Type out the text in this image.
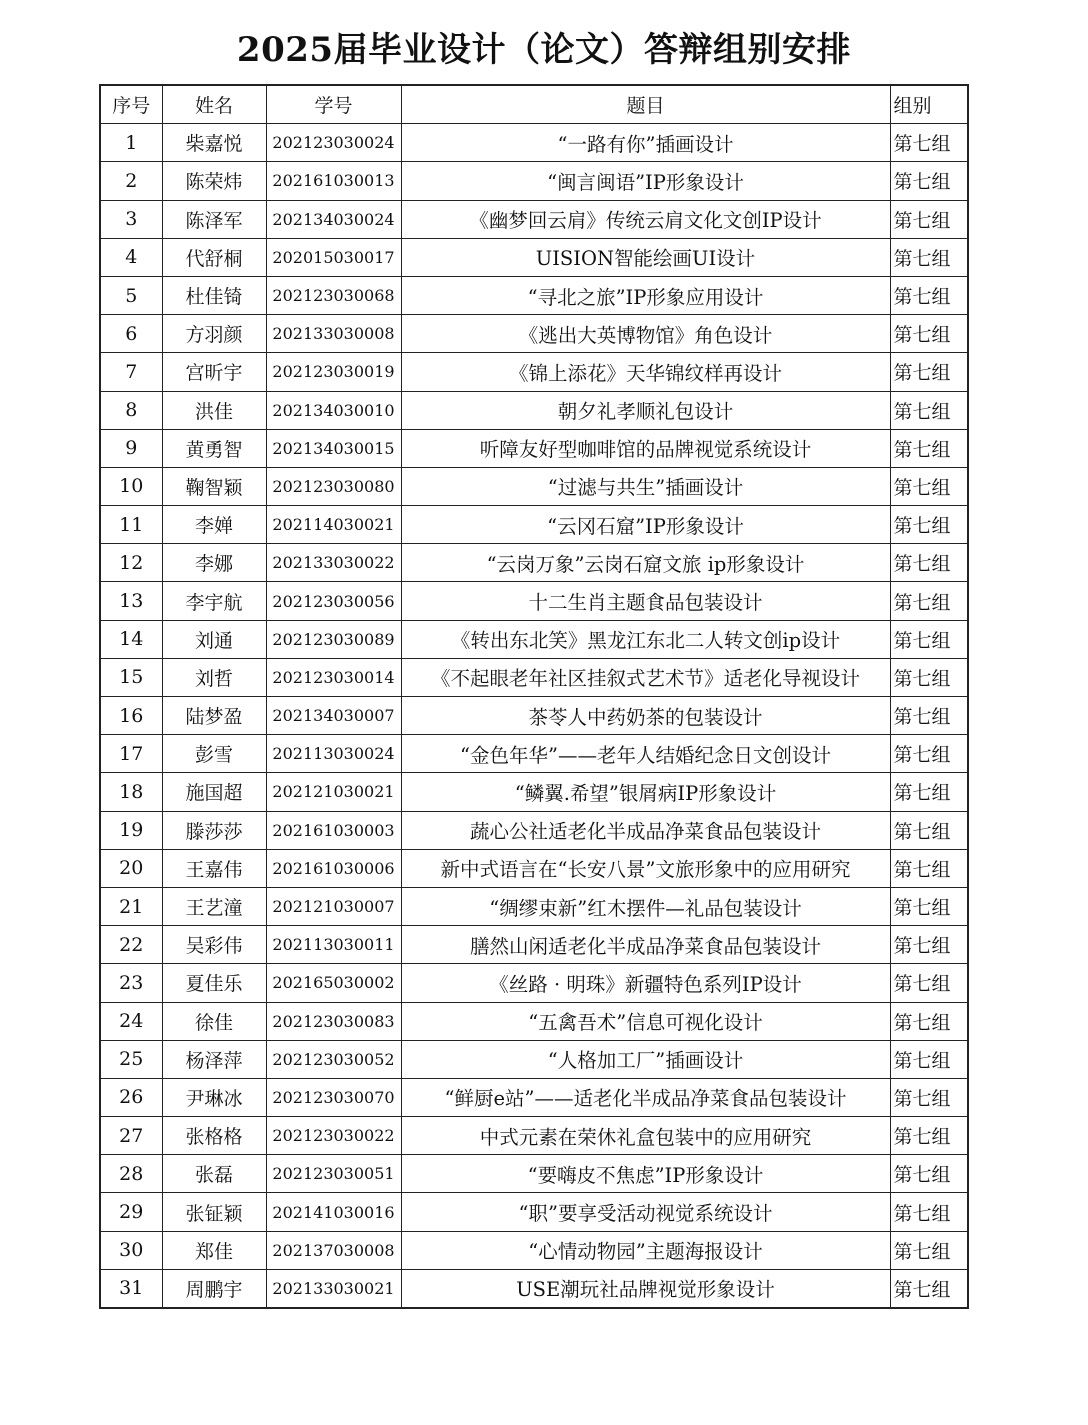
2025届毕业设计（论文）答辩组别安排
序号	姓名	学号	题目	组别
1	柴嘉悦	202123030024	“一路有你”插画设计	第七组
2	陈荣炜	202161030013	“闽言闽语”IP形象设计	第七组
3	陈泽军	202134030024	《幽梦回云肩》传统云肩文化文创IP设计	第七组
4	代舒桐	202015030017	UISION智能绘画UI设计	第七组
5	杜佳锜	202123030068	“寻北之旅”IP形象应用设计	第七组
6	方羽颜	202133030008	《逃出大英博物馆》角色设计	第七组
7	宫昕宇	202123030019	《锦上添花》天华锦纹样再设计	第七组
8	洪佳	202134030010	朝夕礼孝顺礼包设计	第七组
9	黄勇智	202134030015	听障友好型咖啡馆的品牌视觉系统设计	第七组
10	鞠智颖	202123030080	“过滤与共生”插画设计	第七组
11	李婵	202114030021	“云冈石窟”IP形象设计	第七组
12	李娜	202133030022	“云岗万象”云岗石窟文旅 ip形象设计	第七组
13	李宇航	202123030056	十二生肖主题食品包装设计	第七组
14	刘通	202123030089	《转出东北笑》黑龙江东北二人转文创ip设计	第七组
15	刘哲	202123030014	《不起眼老年社区挂叙式艺术节》适老化导视设计	第七组
16	陆梦盈	202134030007	茶苓人中药奶茶的包装设计	第七组
17	彭雪	202113030024	“金色年华”——老年人结婚纪念日文创设计	第七组
18	施国超	202121030021	“鳞翼.希望”银屑病IP形象设计	第七组
19	滕莎莎	202161030003	蔬心公社适老化半成品净菜食品包装设计	第七组
20	王嘉伟	202161030006	新中式语言在“长安八景”文旅形象中的应用研究	第七组
21	王艺潼	202121030007	“绸缪束新”红木摆件—礼品包装设计	第七组
22	吴彩伟	202113030011	膳然山闲适老化半成品净菜食品包装设计	第七组
23	夏佳乐	202165030002	《丝路 · 明珠》新疆特色系列IP设计	第七组
24	徐佳	202123030083	“五禽吾术”信息可视化设计	第七组
25	杨泽萍	202123030052	“人格加工厂”插画设计	第七组
26	尹琳冰	202123030070	“鲜厨e站”——适老化半成品净菜食品包装设计	第七组
27	张格格	202123030022	中式元素在荣休礼盒包装中的应用研究	第七组
28	张磊	202123030051	“要嗨皮不焦虑”IP形象设计	第七组
29	张钲颖	202141030016	“职”要享受活动视觉系统设计	第七组
30	郑佳	202137030008	“心情动物园”主题海报设计	第七组
31	周鹏宇	202133030021	USE潮玩社品牌视觉形象设计	第七组
